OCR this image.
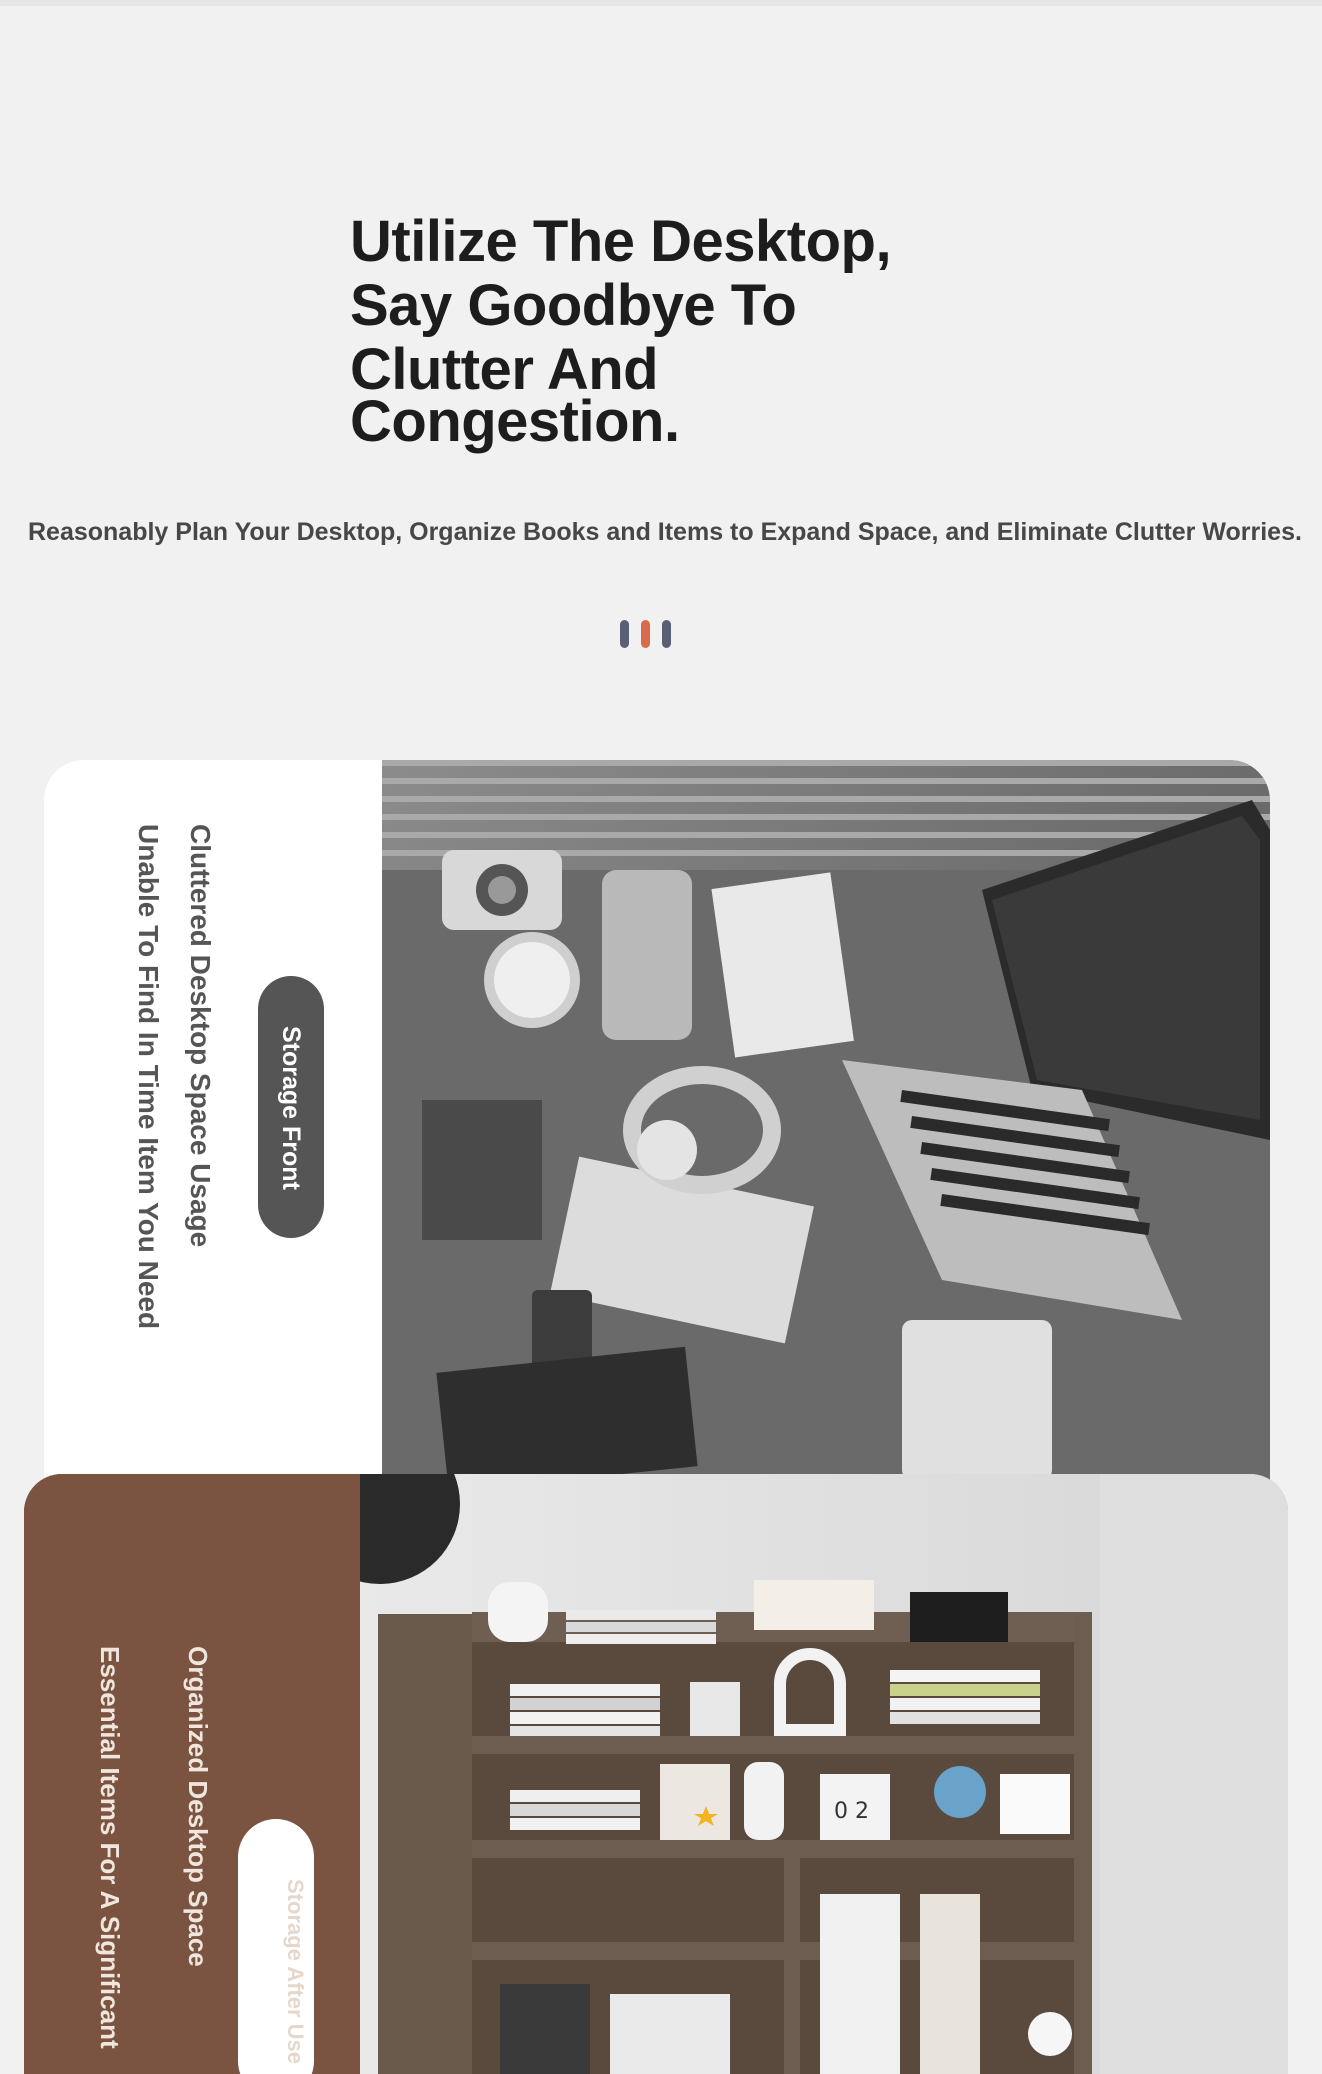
Utilize The Desktop,
Say Goodbye To
Clutter And
Congestion.
Reasonably Plan Your Desktop, Organize Books and Items to Expand Space, and Eliminate Clutter Worries.
Cluttered Desktop Space Usage
Unable To Find In Time Item You Need	Storage Front
Organized Desktop Space
Essential Items For A Significant	Storage After Use
0 2
